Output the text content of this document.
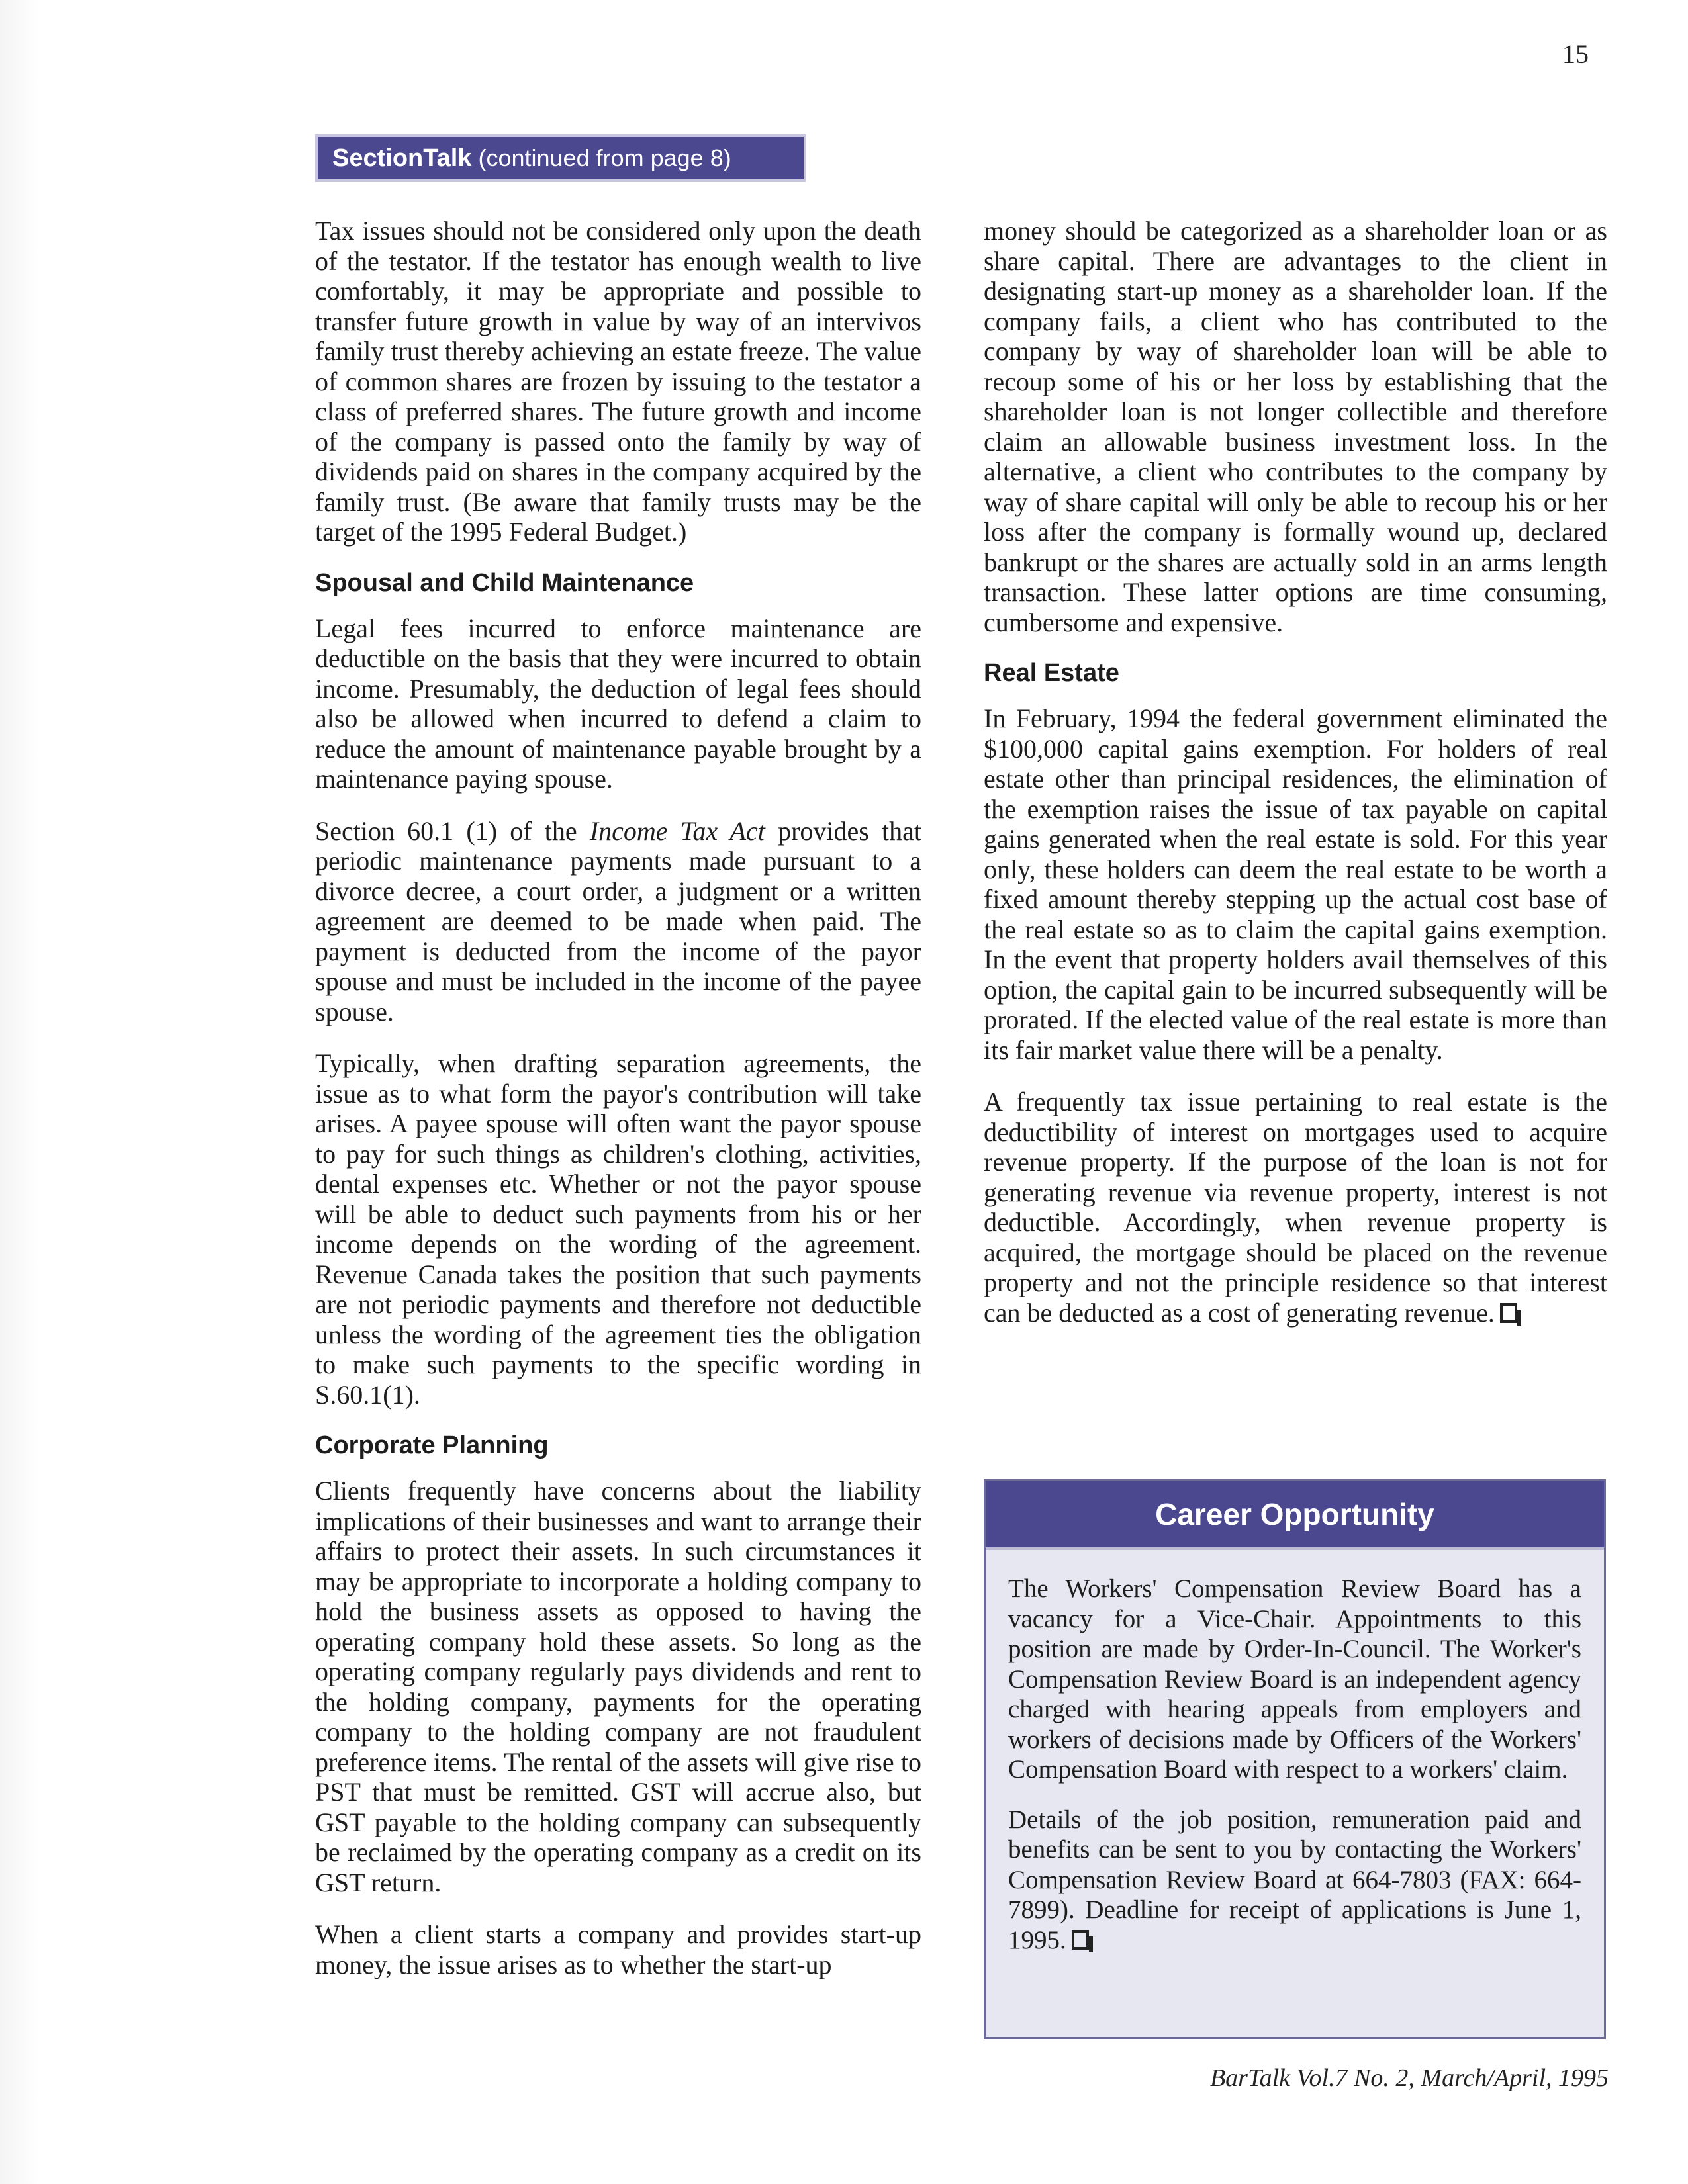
15
SectionTalk (continued from page 8)

Tax issues should not be considered only upon the death of the testator. If the testator has enough wealth to live comfortably, it may be appropriate and possible to transfer future growth in value by way of an intervivos family trust thereby achieving an estate freeze. The value of common shares are frozen by issuing to the testator a class of preferred shares. The future growth and income of the company is passed onto the family by way of dividends paid on shares in the company acquired by the family trust. (Be aware that family trusts may be the target of the 1995 Federal Budget.)

Spousal and Child Maintenance

Legal fees incurred to enforce maintenance are deductible on the basis that they were incurred to obtain income. Presumably, the deduction of legal fees should also be allowed when incurred to defend a claim to reduce the amount of maintenance payable brought by a maintenance paying spouse.

Section 60.1 (1) of the Income Tax Act provides that periodic maintenance payments made pursuant to a divorce decree, a court order, a judgment or a written agreement are deemed to be made when paid. The payment is deducted from the income of the payor spouse and must be included in the income of the payee spouse.

Typically, when drafting separation agreements, the issue as to what form the payor's contribution will take arises. A payee spouse will often want the payor spouse to pay for such things as children's clothing, activities, dental expenses etc. Whether or not the payor spouse will be able to deduct such payments from his or her income depends on the wording of the agreement. Revenue Canada takes the position that such payments are not periodic payments and therefore not deductible unless the wording of the agreement ties the obligation to make such payments to the specific wording in S.60.1(1).

Corporate Planning

Clients frequently have concerns about the liability implications of their businesses and want to arrange their affairs to protect their assets. In such circumstances it may be appropriate to incorporate a holding company to hold the business assets as opposed to having the operating company hold these assets. So long as the operating company regularly pays dividends and rent to the holding company, payments for the operating company to the holding company are not fraudulent preference items. The rental of the assets will give rise to PST that must be remitted. GST will accrue also, but GST payable to the holding company can subsequently be reclaimed by the operating company as a credit on its GST return.

When a client starts a company and provides start-up money, the issue arises as to whether the start-up

money should be categorized as a shareholder loan or as share capital. There are advantages to the client in designating start-up money as a shareholder loan. If the company fails, a client who has contributed to the company by way of shareholder loan will be able to recoup some of his or her loss by establishing that the shareholder loan is not longer collectible and therefore claim an allowable business investment loss. In the alternative, a client who contributes to the company by way of share capital will only be able to recoup his or her loss after the company is formally wound up, declared bankrupt or the shares are actually sold in an arms length transaction. These latter options are time consuming, cumbersome and expensive.

Real Estate

In February, 1994 the federal government eliminated the $100,000 capital gains exemption. For holders of real estate other than principal residences, the elimination of the exemption raises the issue of tax payable on capital gains generated when the real estate is sold. For this year only, these holders can deem the real estate to be worth a fixed amount thereby stepping up the actual cost base of the real estate so as to claim the capital gains exemption. In the event that property holders avail themselves of this option, the capital gain to be incurred subsequently will be prorated. If the elected value of the real estate is more than its fair market value there will be a penalty.

A frequently tax issue pertaining to real estate is the deductibility of interest on mortgages used to acquire revenue property. If the purpose of the loan is not for generating revenue via revenue property, interest is not deductible. Accordingly, when revenue property is acquired, the mortgage should be placed on the revenue property and not the principle residence so that interest can be deducted as a cost of generating revenue.

Career Opportunity

The Workers' Compensation Review Board has a vacancy for a Vice-Chair. Appointments to this position are made by Order-In-Council. The Worker's Compensation Review Board is an independent agency charged with hearing appeals from employers and workers of decisions made by Officers of the Workers' Compensation Board with respect to a workers' claim.

Details of the job position, remuneration paid and benefits can be sent to you by contacting the Workers' Compensation Review Board at 664-7803 (FAX: 664-7899). Deadline for receipt of applications is June 1, 1995.

BarTalk Vol.7 No. 2, March/April, 1995
